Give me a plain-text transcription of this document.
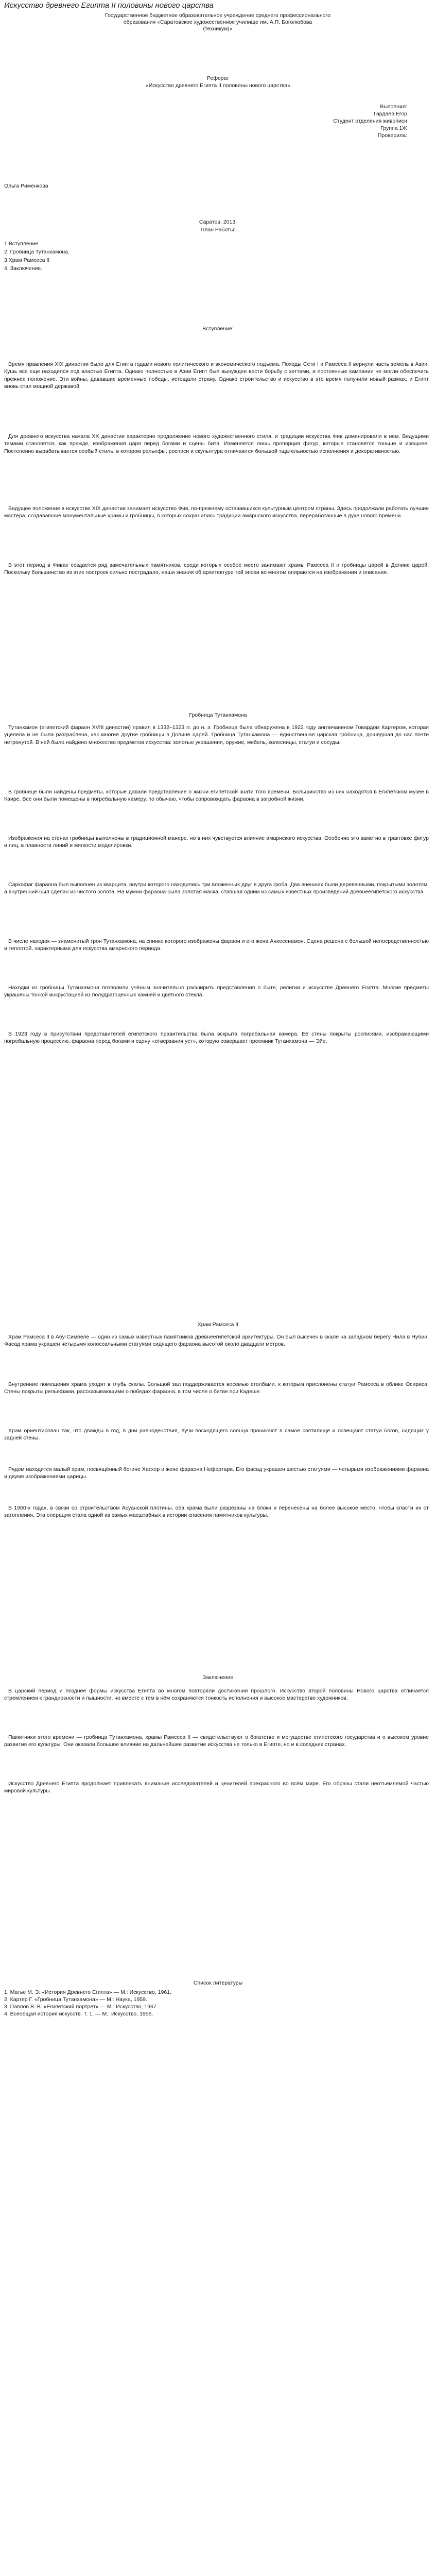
Искусство древнего Египта II половины нового царства
Государственное бюджетное образовательное учреждение среднего профессионального
образования «Саратовское художественное училище им. А.П. Боголюбова
(техникум)»
Реферат
«Искусство древнего Египта II половины нового царства»
Выполнил:
Гардаев Егор
Студент отделения живописи
Группа 1Ж
Проверила:
Ольга Рименкова
Саратов, 2013.
План Работы:
1.Вступление
2. Гробница Тутанхамона.
3.Храм Рамсеса II
4. Заключение.
Вступление:

Время правления XIX династии было для Египта годами нового политического и экономического подъема. Походы Сети I и Рамсеса II вернули часть земель в Азии, Кушь все еще находился под властью Египта. Однако полностью в Азии Египт был вынужден вести борьбу с хеттами, и постоянные кампании не могли обеспечить прежнее положение. Эти войны, дававшие временные победы, истощали страну. Однако строительство и искусство в это время получили новый размах, и Египт вновь стал мощной державой.

Для древнего искусства начала XX династии характерно продолжение нового художественного стиля, и традиции искусства Фив доминировали в нем. Ведущими темами становятся, как прежде, изображения царя перед богами и сцены битв. Изменяется лишь пропорция фигур, которые становятся тоньше и изящнее. Постепенно вырабатывается особый стиль, в котором рельефы, росписи и скульптура отличаются большой тщательностью исполнения и декоративностью.

Ведущее положение в искусстве XIX династии занимает искусство Фив, по-прежнему остававшихся культурным центром страны. Здесь продолжали работать лучшие мастера, создававшие монументальные храмы и гробницы, в которых сохранились традиции амарнского искусства, переработанные в духе нового времени.

В этот период в Фивах создается ряд замечательных памятников, среди которых особое место занимают храмы Рамсеса II и гробницы царей в Долине царей. Поскольку большинство из этих построек сильно пострадало, наши знания об архитектуре той эпохи во многом опираются на изображения и описания.

Гробница Тутанхамона

Тутанхамон (египетский фараон XVIII династии) правил в 1332–1323 гг. до н. э. Гробница была обнаружена в 1922 году англичанином Говардом Картером, которая уцелела и не была разграблена, как многие другие гробницы в Долине царей. Гробница Тутанхамона — единственная царская гробница, дошедшая до нас почти нетронутой. В ней было найдено множество предметов искусства: золотые украшения, оружие, мебель, колесницы, статуи и сосуды.

В гробнице были найдены предметы, которые давали представление о жизни египетской знати того времени. Большинство из них находятся в Египетском музее в Каире. Все они были помещены в погребальную камеру, по обычаю, чтобы сопровождать фараона в загробной жизни.

Изображения на стенах гробницы выполнены в традиционной манере, но в них чувствуется влияние амарнского искусства. Особенно это заметно в трактовке фигур и лиц, в плавности линий и мягкости моделировки.

Саркофаг фараона был выполнен из кварцита, внутри которого находились три вложенных друг в друга гроба. Два внешних были деревянными, покрытыми золотом, а внутренний был сделан из чистого золота. На мумии фараона была золотая маска, ставшая одним из самых известных произведений древнеегипетского искусства.

В числе находок — знаменитый трон Тутанхамона, на спинке которого изображены фараон и его жена Анхесенамон. Сцена решена с большой непосредственностью и теплотой, характерными для искусства амарнского периода.

Находки из гробницы Тутанхамона позволили учёным значительно расширить представления о быте, религии и искусстве Древнего Египта. Многие предметы украшены тонкой инкрустацией из полудрагоценных камней и цветного стекла.

В 1923 году в присутствии представителей египетского правительства была вскрыта погребальная камера. Её стены покрыты росписями, изображающими погребальную процессию, фараона перед богами и сцену «отверзания уст», которую совершает преемник Тутанхамона — Эйе.

Храм Рамсеса II

Храм Рамсеса II в Абу-Симбеле — один из самых известных памятников древнеегипетской архитектуры. Он был высечен в скале на западном берегу Нила в Нубии. Фасад храма украшен четырьмя колоссальными статуями сидящего фараона высотой около двадцати метров.

Внутренние помещения храма уходят в глубь скалы. Большой зал поддерживается восемью столбами, к которым прислонены статуи Рамсеса в облике Осириса. Стены покрыты рельефами, рассказывающими о победах фараона, в том числе о битве при Кадеше.

Храм ориентирован так, что дважды в год, в дни равноденствия, лучи восходящего солнца проникают в самое святилище и освещают статуи богов, сидящих у задней стены.

Рядом находится малый храм, посвящённый богине Хатхор и жене фараона Нефертари. Его фасад украшен шестью статуями — четырьмя изображениями фараона и двумя изображениями царицы.

В 1960-х годах, в связи со строительством Асуанской плотины, оба храма были разрезаны на блоки и перенесены на более высокое место, чтобы спасти их от затопления. Эта операция стала одной из самых масштабных в истории спасения памятников культуры.

Заключение

В царский период и позднее формы искусства Египта во многом повторяли достижения прошлого. Искусство второй половины Нового царства отличается стремлением к грандиозности и пышности, но вместе с тем в нём сохраняются тонкость исполнения и высокое мастерство художников.

Памятники этого времени — гробница Тутанхамона, храмы Рамсеса II — свидетельствуют о богатстве и могуществе египетского государства и о высоком уровне развития его культуры. Они оказали большое влияние на дальнейшее развитие искусства не только в Египте, но и в соседних странах.

Искусство Древнего Египта продолжает привлекать внимание исследователей и ценителей прекрасного во всём мире. Его образы стали неотъемлемой частью мировой культуры.

Список литературы
1. Матье М. Э. «История Древнего Египта» — М.: Искусство, 1961.
2. Картер Г. «Гробница Тутанхамона» — М.: Наука, 1959.
3. Павлов В. В. «Египетский портрет» — М.: Искусство, 1967.
4. Всеобщая история искусств. Т. 1. — М.: Искусство, 1956.
